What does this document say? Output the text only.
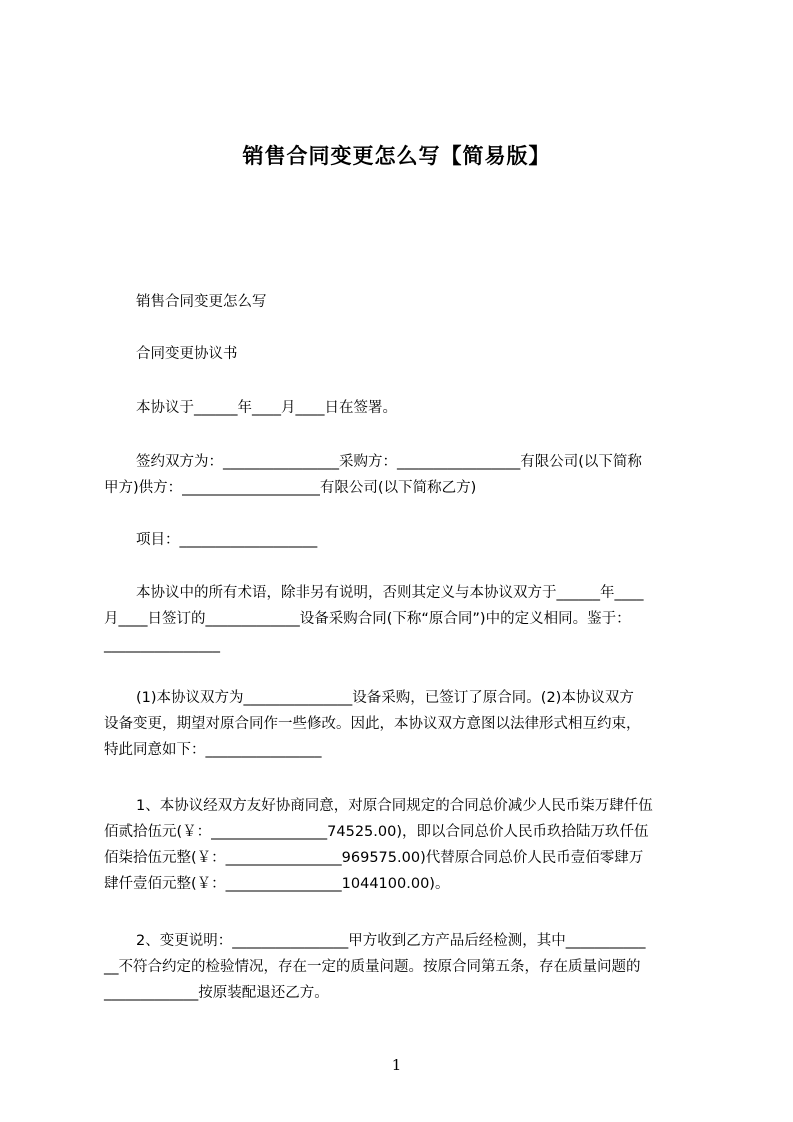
销售合同变更怎么写【简易版】
销售合同变更怎么写
合同变更协议书
本协议于______年____月____日在签署。
签约双方为：________________采购方：_________________有限公司(以下简称
甲方)供方：___________________有限公司(以下简称乙方)
项目：___________________
本协议中的所有术语，除非另有说明，否则其定义与本协议双方于______年____
月____日签订的_____________设备采购合同(下称“原合同”)中的定义相同。鉴于：
________________
(1)本协议双方为_______________设备采购，已签订了原合同。(2)本协议双方
设备变更，期望对原合同作一些修改。因此，本协议双方意图以法律形式相互约束，
特此同意如下：________________
1、本协议经双方友好协商同意，对原合同规定的合同总价减少人民币柒万肆仟伍
佰贰拾伍元(￥：________________74525.00)，即以合同总价人民币玖拾陆万玖仟伍
佰柒拾伍元整(￥：________________969575.00)代替原合同总价人民币壹佰零肆万
肆仟壹佰元整(￥：________________1044100.00)。
2、变更说明：________________甲方收到乙方产品后经检测，其中___________
__不符合约定的检验情况，存在一定的质量问题。按原合同第五条，存在质量问题的
_____________按原装配退还乙方。
1
